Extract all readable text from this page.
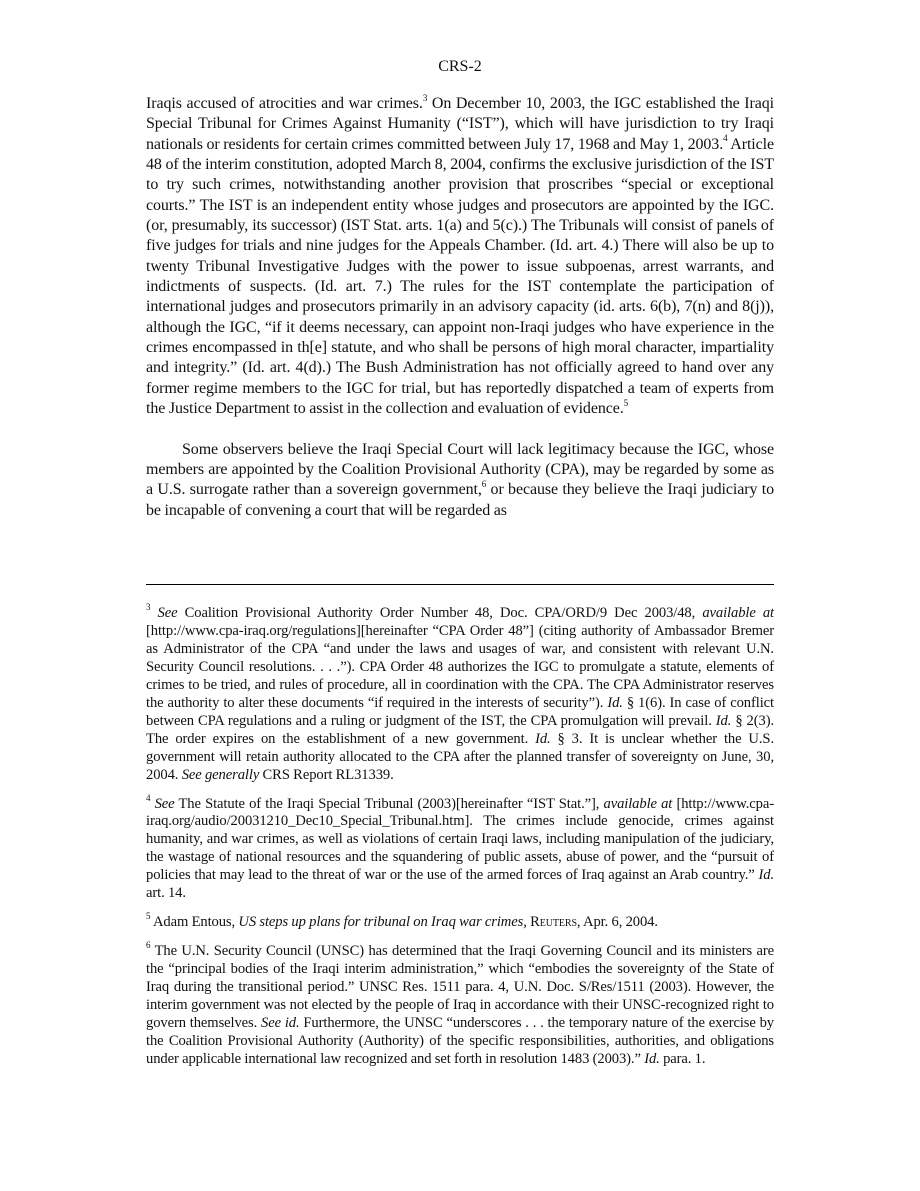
CRS-2

Iraqis accused of atrocities and war crimes.$^3$ On December 10, 2003, the IGC established the Iraqi Special Tribunal for Crimes Against Humanity (“IST”), which will have jurisdiction to try Iraqi nationals or residents for certain crimes committed between July 17, 1968 and May 1, 2003.$^4$ Article 48 of the interim constitution, adopted March 8, 2004, confirms the exclusive jurisdiction of the IST to try such crimes, notwithstanding another provision that proscribes “special or exceptional courts.” The IST is an independent entity whose judges and prosecutors are appointed by the IGC.(or, presumably, its successor) (IST Stat. arts. 1(a) and 5(c).) The Tribunals will consist of panels of five judges for trials and nine judges for the Appeals Chamber. (Id. art. 4.) There will also be up to twenty Tribunal Investigative Judges with the power to issue subpoenas, arrest warrants, and indictments of suspects. (Id. art. 7.) The rules for the IST contemplate the participation of international judges and prosecutors primarily in an advisory capacity (id. arts. 6(b), 7(n) and 8(j)), although the IGC, “if it deems necessary, can appoint non-Iraqi judges who have experience in the crimes encompassed in th[e] statute, and who shall be persons of high moral character, impartiality and integrity.” (Id. art. 4(d).) The Bush Administration has not officially agreed to hand over any former regime members to the IGC for trial, but has reportedly dispatched a team of experts from the Justice Department to assist in the collection and evaluation of evidence.$^5$

Some observers believe the Iraqi Special Court will lack legitimacy because the IGC, whose members are appointed by the Coalition Provisional Authority (CPA), may be regarded by some as a U.S. surrogate rather than a sovereign government,$^6$ or because they believe the Iraqi judiciary to be incapable of convening a court that will be regarded as

$^3$ See Coalition Provisional Authority Order Number 48, Doc. CPA/ORD/9 Dec 2003/48, available at [http://www.cpa-iraq.org/regulations][hereinafter “CPA Order 48”] (citing authority of Ambassador Bremer as Administrator of the CPA “and under the laws and usages of war, and consistent with relevant U.N. Security Council resolutions. . . .”). CPA Order 48 authorizes the IGC to promulgate a statute, elements of crimes to be tried, and rules of procedure, all in coordination with the CPA. The CPA Administrator reserves the authority to alter these documents “if required in the interests of security”). Id. § 1(6). In case of conflict between CPA regulations and a ruling or judgment of the IST, the CPA promulgation will prevail. Id. § 2(3). The order expires on the establishment of a new government. Id. § 3. It is unclear whether the U.S. government will retain authority allocated to the CPA after the planned transfer of sovereignty on June, 30, 2004. See generally CRS Report RL31339.

$^4$ See The Statute of the Iraqi Special Tribunal (2003)[hereinafter “IST Stat.”], available at [http://www.cpa-iraq.org/audio/20031210_Dec10_Special_Tribunal.htm]. The crimes include genocide, crimes against humanity, and war crimes, as well as violations of certain Iraqi laws, including manipulation of the judiciary, the wastage of national resources and the squandering of public assets, abuse of power, and the “pursuit of policies that may lead to the threat of war or the use of the armed forces of Iraq against an Arab country.” Id. art. 14.

$^5$ Adam Entous, US steps up plans for tribunal on Iraq war crimes, Reuters, Apr. 6, 2004.

$^6$ The U.N. Security Council (UNSC) has determined that the Iraqi Governing Council and its ministers are the “principal bodies of the Iraqi interim administration,” which “embodies the sovereignty of the State of Iraq during the transitional period.” UNSC Res. 1511 para. 4, U.N. Doc. S/Res/1511 (2003). However, the interim government was not elected by the people of Iraq in accordance with their UNSC-recognized right to govern themselves. See id. Furthermore, the UNSC “underscores . . . the temporary nature of the exercise by the Coalition Provisional Authority (Authority) of the specific responsibilities, authorities, and obligations under applicable international law recognized and set forth in resolution 1483 (2003).” Id. para. 1.
